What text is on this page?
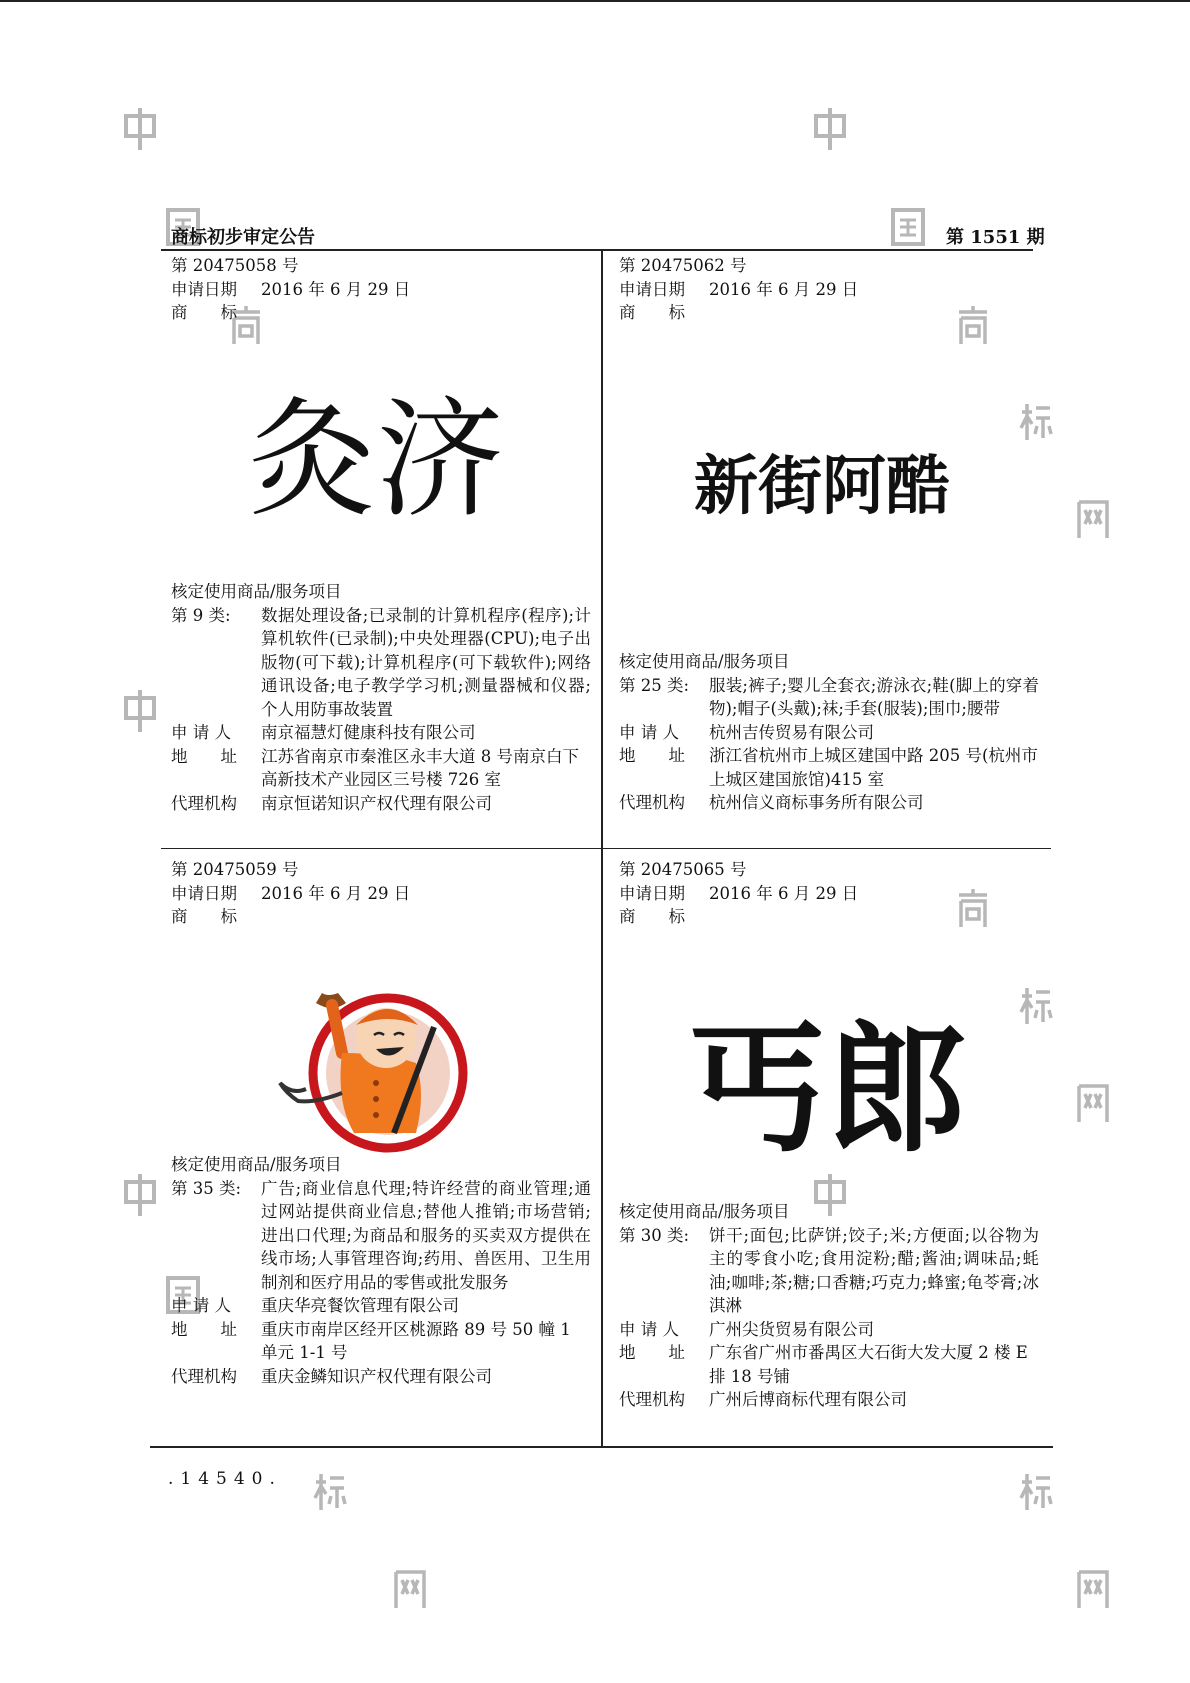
商标初步审定公告	第 1551 期
第 20475058 号
申请日期	2016 年 6 月 29 日
商　　标
灸济
核定使用商品/服务项目
第 9 类:	数据处理设备;已录制的计算机程序(程序);计算机软件(已录制);中央处理器(CPU);电子出版物(可下载);计算机程序(可下载软件);网络通讯设备;电子教学学习机;测量器械和仪器;个人用防事故装置
申 请 人	南京福慧灯健康科技有限公司
地　　址	江苏省南京市秦淮区永丰大道 8 号南京白下高新技术产业园区三号楼 726 室
代理机构	南京恒诺知识产权代理有限公司
第 20475062 号
申请日期	2016 年 6 月 29 日
商　　标
新街阿酷
核定使用商品/服务项目
第 25 类:	服装;裤子;婴儿全套衣;游泳衣;鞋(脚上的穿着物);帽子(头戴);袜;手套(服装);围巾;腰带
申 请 人	杭州吉传贸易有限公司
地　　址	浙江省杭州市上城区建国中路 205 号(杭州市上城区建国旅馆)415 室
代理机构	杭州信义商标事务所有限公司
第 20475059 号
申请日期	2016 年 6 月 29 日
商　　标
核定使用商品/服务项目
第 35 类:	广告;商业信息代理;特许经营的商业管理;通过网站提供商业信息;替他人推销;市场营销;进出口代理;为商品和服务的买卖双方提供在线市场;人事管理咨询;药用、兽医用、卫生用制剂和医疗用品的零售或批发服务
申 请 人	重庆华亮餐饮管理有限公司
地　　址	重庆市南岸区经开区桃源路 89 号 50 幢 1 单元 1-1 号
代理机构	重庆金鳞知识产权代理有限公司
第 20475065 号
申请日期	2016 年 6 月 29 日
商　　标
丐郎
核定使用商品/服务项目
第 30 类:	饼干;面包;比萨饼;饺子;米;方便面;以谷物为主的零食小吃;食用淀粉;醋;酱油;调味品;蚝油;咖啡;茶;糖;口香糖;巧克力;蜂蜜;龟苓膏;冰淇淋
申 请 人	广州尖货贸易有限公司
地　　址	广东省广州市番禺区大石街大发大厦 2 楼 E 排 18 号铺
代理机构	广州后博商标代理有限公司
.14540.
